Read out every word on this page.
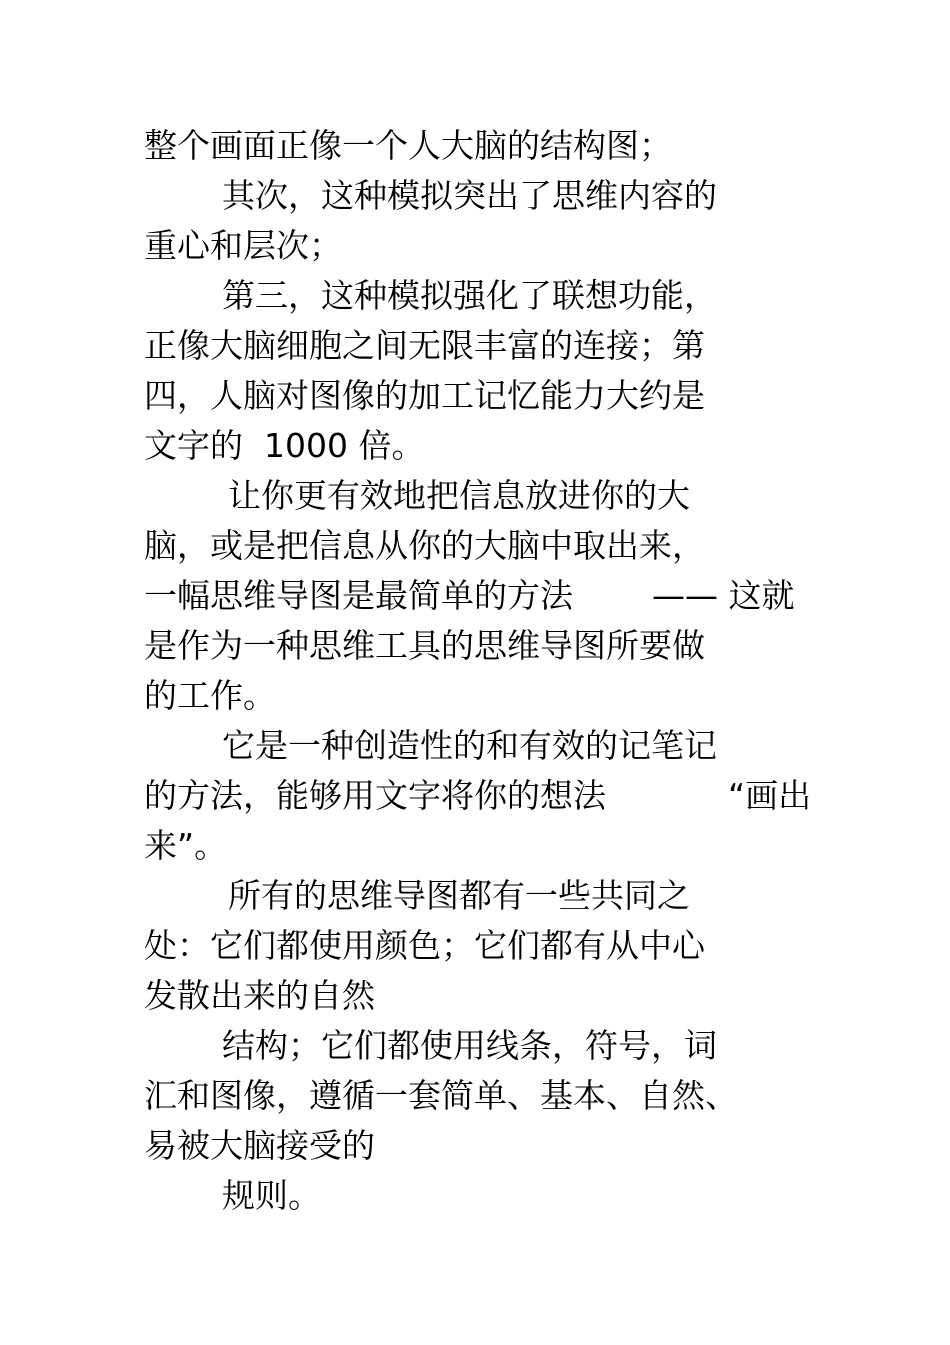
整个画面正像一个人大脑的结构图；
其次，这种模拟突出了思维内容的
重心和层次；
第三，这种模拟强化了联想功能，
正像大脑细胞之间无限丰富的连接；第
四，人脑对图像的加工记忆能力大约是
文字的  1000 倍。
让你更有效地把信息放进你的大
脑，或是把信息从你的大脑中取出来，
一幅思维导图是最简单的方法 —— 这就
是作为一种思维工具的思维导图所要做
的工作。
它是一种创造性的和有效的记笔记
的方法，能够用文字将你的想法	“画出
来”。
所有的思维导图都有一些共同之
处：它们都使用颜色；它们都有从中心
发散出来的自然
结构；它们都使用线条，符号，词
汇和图像，遵循一套简单、基本、自然、
易被大脑接受的
规则。
